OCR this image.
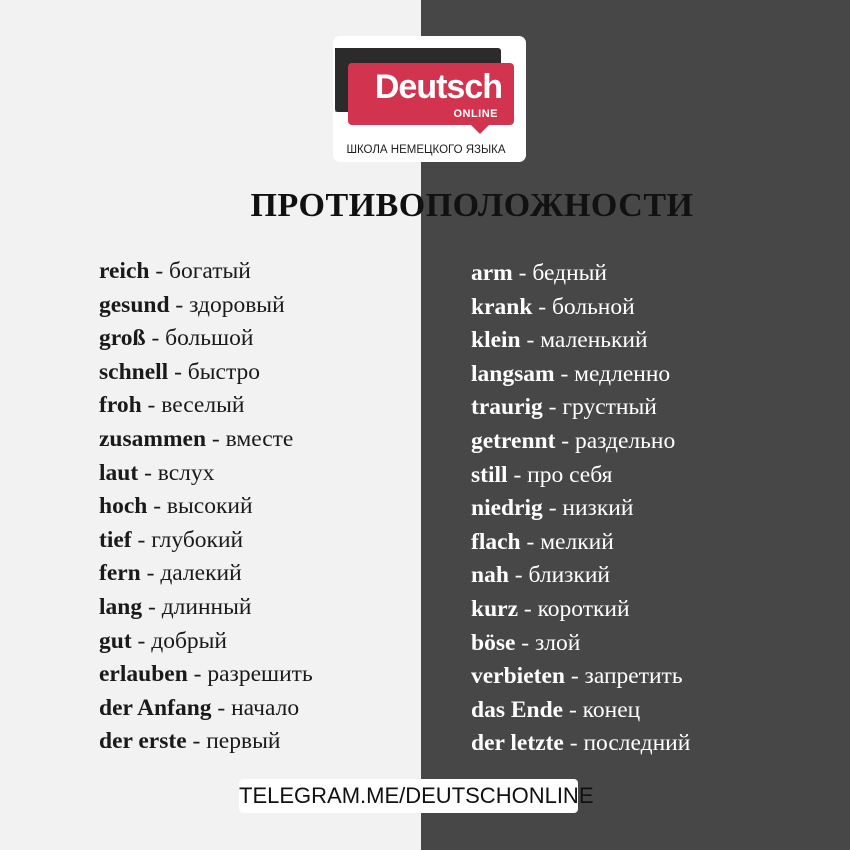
Deutsch
ONLINE
ШКОЛА НЕМЕЦКОГО ЯЗЫКА
ПРОТИВОПОЛОЖНОСТИ
reich - богатый
gesund - здоровый
groß - большой
schnell - быстро
froh - веселый
zusammen - вместе
laut - вслух
hoch - высокий
tief - глубокий
fern - далекий
lang - длинный
gut - добрый
erlauben - разрешить
der Anfang - начало
der erste - первый
arm - бедный
krank - больной
klein - маленький
langsam - медленно
traurig - грустный
getrennt - раздельно
still - про себя
niedrig - низкий
flach - мелкий
nah - близкий
kurz - короткий
böse - злой
verbieten - запретить
das Ende - конец
der letzte - последний
TELEGRAM.ME/DEUTSCHONLINE
